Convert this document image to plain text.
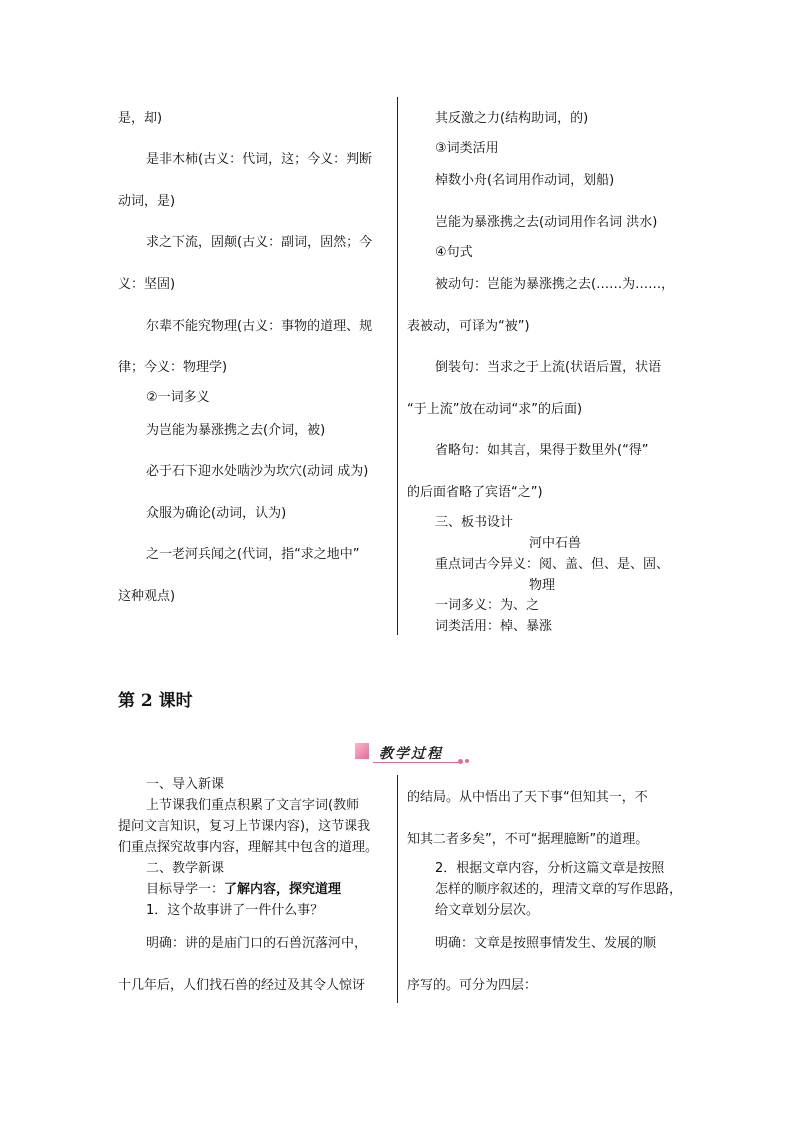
是，却)
是非木柿(古义：代词，这；今义：判断
动词，是)
求之下流，固颠(古义：副词，固然；今
义：坚固)
尔辈不能究物理(古义：事物的道理、规
律；今义：物理学)
②一词多义
为岂能为暴涨携之去(介词，被)
必于石下迎水处啮沙为坎穴(动词 成为)
众服为确论(动词，认为)
之一老河兵闻之(代词，指“求之地中”
这种观点)
其反激之力(结构助词，的)
③词类活用
棹数小舟(名词用作动词，划船)
岂能为暴涨携之去(动词用作名词 洪水)
④句式
被动句：岂能为暴涨携之去(……为……，
表被动，可译为“被”)
倒装句：当求之于上流(状语后置，状语
“于上流”放在动词“求”的后面)
省略句：如其言，果得于数里外(“得”
的后面省略了宾语“之”)
三、板书设计
河中石兽
重点词古今异义：阅、盖、但、是、固、
物理
一词多义：为、之
词类活用：棹、暴涨
第 2 课时
教学过程
一、导入新课
上节课我们重点积累了文言字词(教师
提问文言知识，复习上节课内容)，这节课我
们重点探究故事内容，理解其中包含的道理。
二、教学新课
目标导学一：了解内容，探究道理
1．这个故事讲了一件什么事？
明确：讲的是庙门口的石兽沉落河中，
十几年后，人们找石兽的经过及其令人惊讶
的结局。从中悟出了天下事“但知其一，不
知其二者多矣”，不可“据理臆断”的道理。
2．根据文章内容，分析这篇文章是按照
怎样的顺序叙述的，理清文章的写作思路，
给文章划分层次。
明确：文章是按照事情发生、发展的顺
序写的。可分为四层：
